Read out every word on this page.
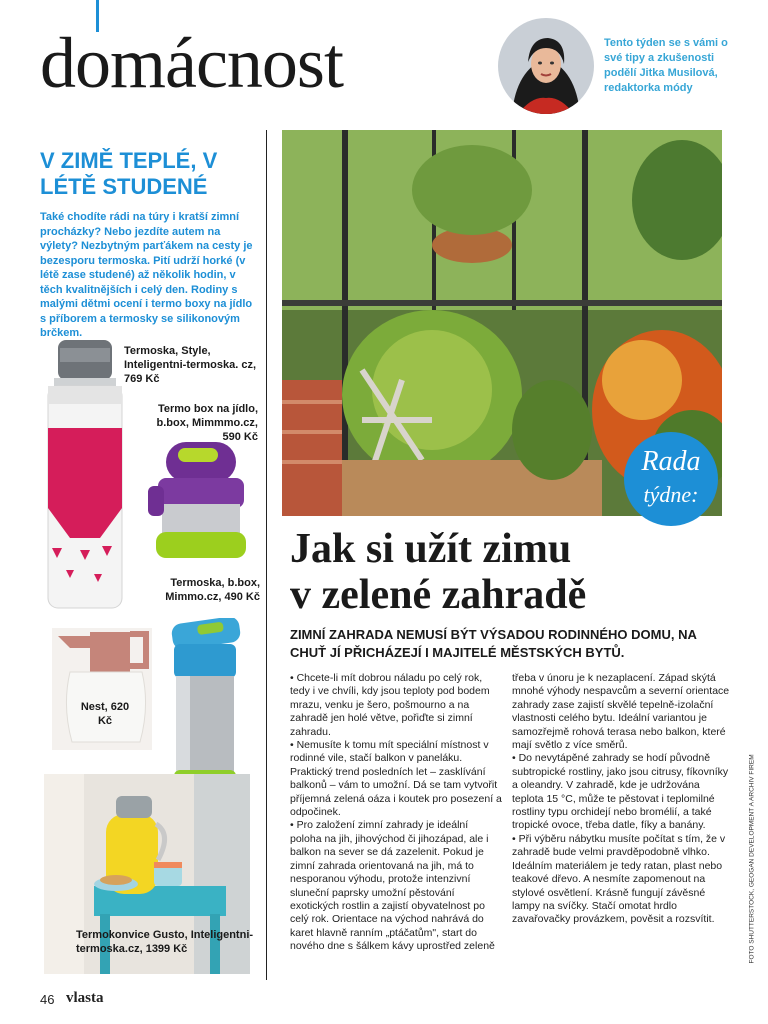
domácnost	Tento týden se s vámi o své tipy a zkušenosti podělí Jitka Musilová, redaktorka módy
V ZIMĚ TEPLÉ, V LÉTĚ STUDENÉ

Také chodíte rádi na túry i kratší zimní procházky? Nebo jezdíte autem na výlety? Nezbytným parťákem na cesty je bezesporu termoska. Pití udrží horké (v létě zase studené) až několik hodin, v těch kvalitnějších i celý den. Rodiny s malými dětmi ocení i termo boxy na jídlo s příborem a termosky se silikonovým brčkem.

Termoska, Style, Inteligentni-termoska. cz, 769 Kč
Termo box na jídlo, b.box, Mimmmo.cz, 590 Kč
Termoska, b.box, Mimmo.cz, 490 Kč
Nest, 620 Kč
Termokonvice Gusto, Inteligentni-termoska.cz, 1399 Kč
Rada
týdne:
Jak si užít zimu
v zelené zahradě
ZIMNÍ ZAHRADA NEMUSÍ BÝT VÝSADOU RODINNÉHO DOMU, NA CHUŤ JÍ PŘICHÁZEJÍ I MAJITELÉ MĚSTSKÝCH BYTŮ.

• Chcete-li mít dobrou náladu po celý rok, tedy i ve chvíli, kdy jsou teploty pod bodem mrazu, venku je šero, pošmourno a na zahradě jen holé větve, pořiďte si zimní zahradu.

• Nemusíte k tomu mít speciální místnost v rodinné vile, stačí balkon v paneláku. Praktický trend posledních let – zasklívání balkonů – vám to umožní. Dá se tam vytvořit příjemná zelená oáza i koutek pro posezení a odpočinek.

• Pro založení zimní zahrady je ideální poloha na jih, jihovýchod či jihozápad, ale i balkon na sever se dá zazelenit. Pokud je zimní zahrada orientovaná na jih, má to nesporanou výhodu, protože intenzivní sluneční paprsky umožní pěstování exotických rostlin a zajistí obyvatelnost po celý rok. Orientace na východ nahrává do karet hlavně ranním „ptáčatům", start do nového dne s šálkem kávy uprostřed zeleně

třeba v únoru je k nezaplacení. Západ skýtá mnohé výhody nespavcům a severní orientace zahrady zase zajistí skvělé tepelně-izolační vlastnosti celého bytu. Ideální variantou je samozřejmě rohová terasa nebo balkon, které mají světlo z více směrů.

• Do nevytápěné zahrady se hodí původně subtropické rostliny, jako jsou citrusy, fíkovníky a oleandry. V zahradě, kde je udržována teplota 15 °C, může te pěstovat i teplomilné rostliny typu orchidejí nebo bromélií, a také tropické ovoce, třeba datle, fíky a banány.

• Při výběru nábytku musíte počítat s tím, že v zahradě bude velmi pravděpodobně vlhko. Ideálním materiálem je tedy ratan, plast nebo teakové dřevo. A nesmíte zapomenout na stylové osvětlení. Krásně fungují závěsné lampy na svíčky. Stačí omotat hrdlo zavařovačky provázkem, pověsit a rozsvítit.	FOTO SHUTTERSTOCK, GEOGAN DEVELOPMENT A ARCHIV FIREM
46 vlasta
